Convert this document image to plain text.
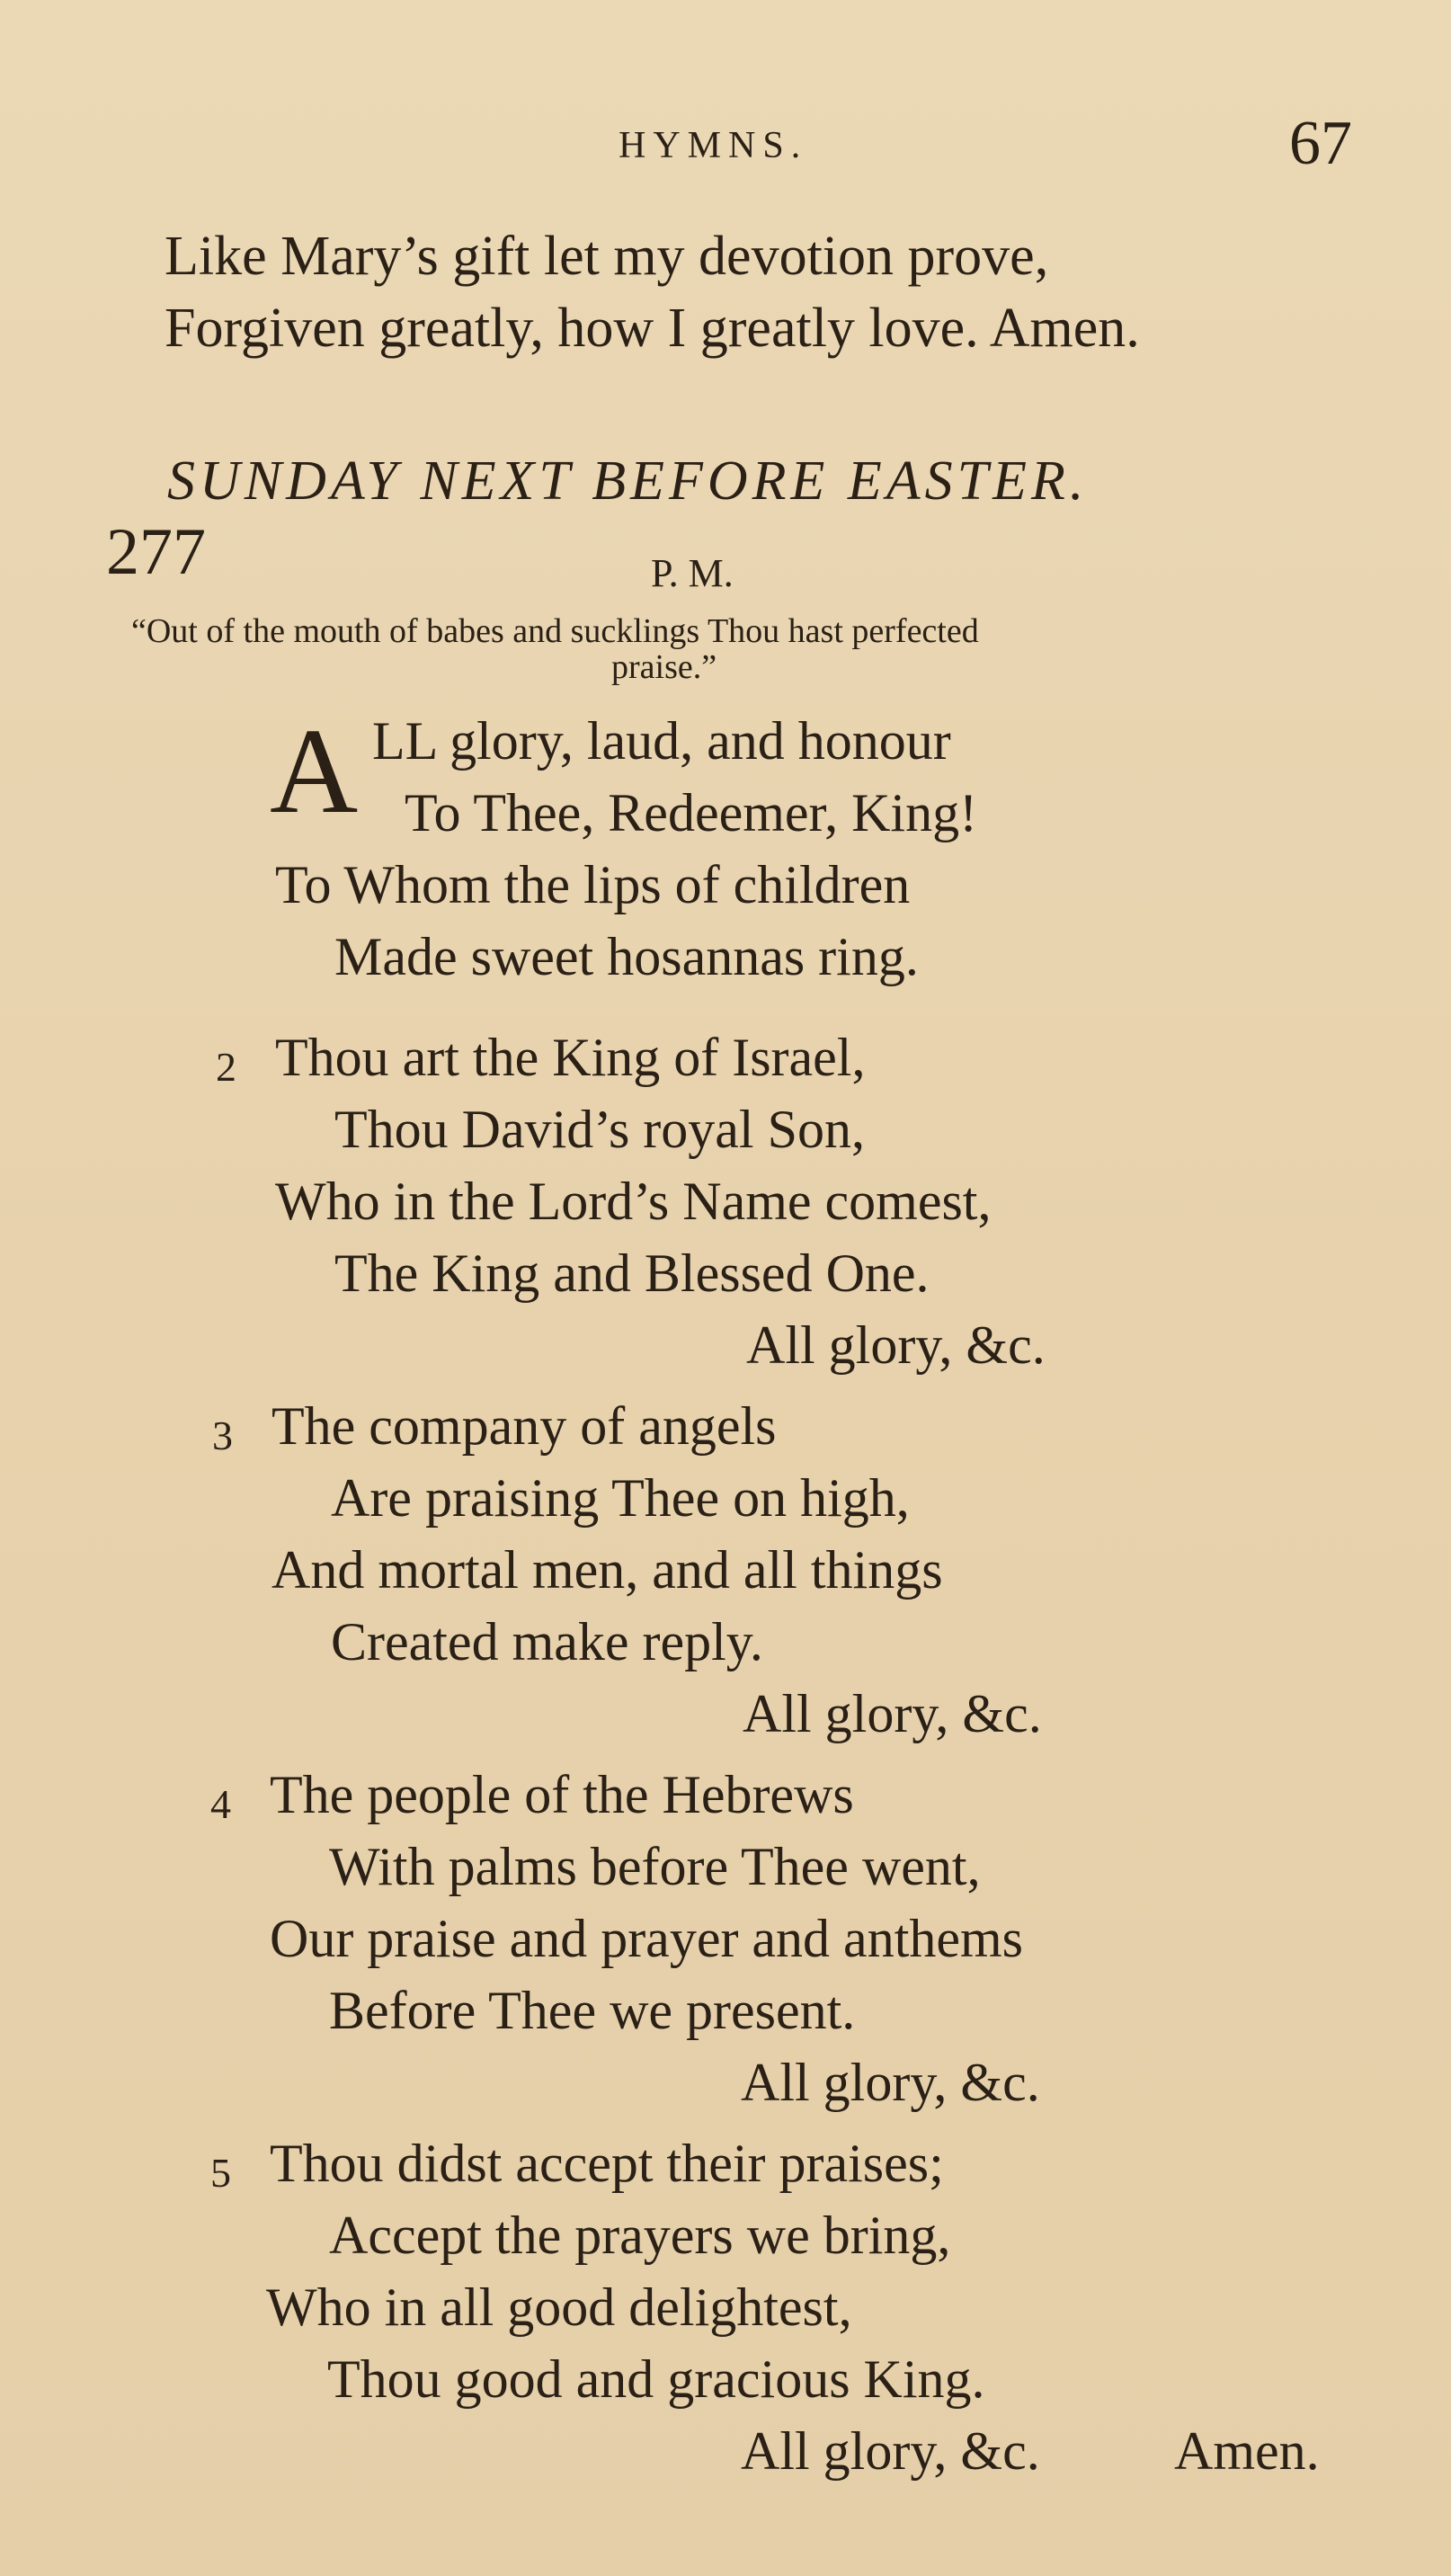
HYMNS.	67
Like Mary’s gift let my devotion prove,
Forgiven greatly, how I greatly love. Amen.
SUNDAY NEXT BEFORE EASTER.
277	P. M.
“Out of the mouth of babes and sucklings Thou hast perfected
praise.”
A LL glory, laud, and honour
To Thee, Redeemer, King!
To Whom the lips of children
Made sweet hosannas ring.
2 Thou art the King of Israel,
Thou David’s royal Son,
Who in the Lord’s Name comest,
The King and Blessed One.
All glory, &c.
3 The company of angels
Are praising Thee on high,
And mortal men, and all things
Created make reply.
All glory, &c.
4 The people of the Hebrews
With palms before Thee went,
Our praise and prayer and anthems
Before Thee we present.
All glory, &c.
5 Thou didst accept their praises;
Accept the prayers we bring,
Who in all good delightest,
Thou good and gracious King.
All glory, &c. Amen.
